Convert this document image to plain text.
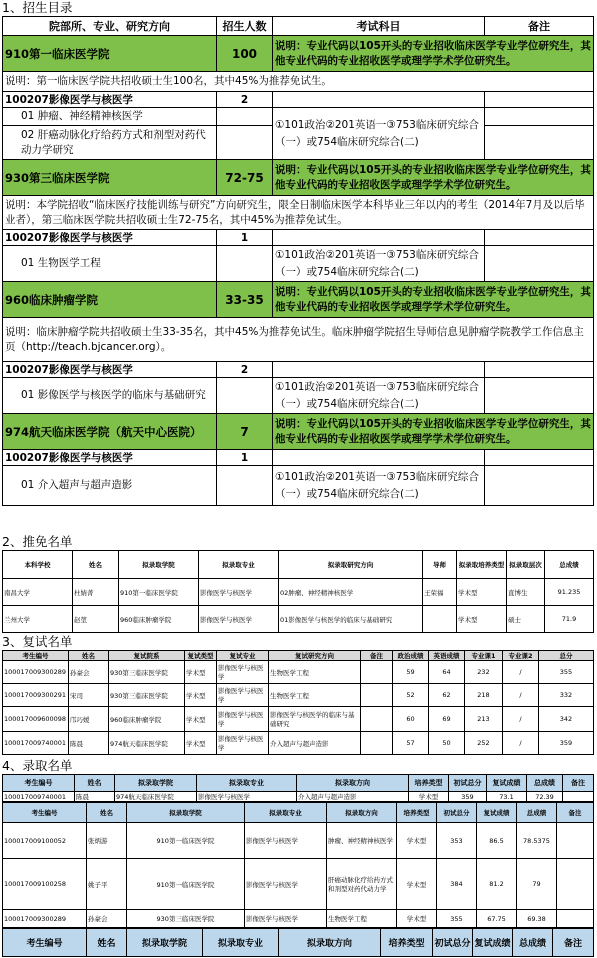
1、招生目录
院部所、专业、研究方向	招生人数	考试科目	备注
910第一临床医学院	100	说明：专业代码以105开头的专业招收临床医学专业学位研究生，其他专业代码的专业招收医学或理学学术学位研究生。	
说明：第一临床医学院共招收硕士生100名，其中45%为推荐免试生。			
100207影像医学与核医学	2		
01 肿瘤、神经精神核医学		①101政治②201英语一③753临床研究综合（一）或754临床研究综合(二)	
02 肝癌动脉化疗给药方式和剂型对药代动力学研究			
930第三临床医学院	72-75	说明：专业代码以105开头的专业招收临床医学专业学位研究生，其他专业代码的专业招收医学或理学学术学位研究生。	
说明：本学院招收“临床医疗技能训练与研究”方向研究生，限全日制临床医学本科毕业三年以内的考生（2014年7月及以后毕业者），第三临床医学院共招收硕士生72-75名，其中45%为推荐免试生。			
100207影像医学与核医学	1		
01 生物医学工程		①101政治②201英语一③753临床研究综合（一）或754临床研究综合(二)	
960临床肿瘤学院	33-35	说明：专业代码以105开头的专业招收临床医学专业学位研究生，其他专业代码的专业招收医学或理学学术学位研究生。	
说明：临床肿瘤学院共招收硕士生33-35名，其中45%为推荐免试生。临床肿瘤学院招生导师信息见肿瘤学院教学工作信息主页（http://teach.bjcancer.org）。			
100207影像医学与核医学	2		
01 影像医学与核医学的临床与基础研究		①101政治②201英语一③753临床研究综合（一）或754临床研究综合(二)	
974航天临床医学院（航天中心医院）	7	说明：专业代码以105开头的专业招收临床医学专业学位研究生，其他专业代码的专业招收医学或理学学术学位研究生。	
100207影像医学与核医学	1		
01 介入超声与超声造影		①101政治②201英语一③753临床研究综合（一）或754临床研究综合(二)	
2、推免名单
本科学校	姓名	拟录取学院	拟录取专业	拟录取研究方向	导师	拟录取培养类型	拟录取层次	总成绩
南昌大学	杜婧菁	910第一临床医学院	影像医学与核医学	02肿瘤、神经精神核医学	王荣福	学术型	直博生	91.235
兰州大学	赵堃	960临床肿瘤学院	影像医学与核医学	01影像医学与核医学的临床与基础研究		学术型	硕士	71.9
3、复试名单
考生编号	姓名	复试院系	复试类型	复试专业	复试研究方向	备注	政治成绩	英语成绩	专业课1	专业课2	总分
100017009300289	孙豪会	930第三临床医学院	学术型	影像医学与核医学	生物医学工程		59	64	232	/	355
100017009300291	宋司	930第三临床医学院	学术型	影像医学与核医学	生物医学工程		52	62	218	/	332
100017009600098	邝巧嫒	960临床肿瘤学院	学术型	影像医学与核医学	影像医学与核医学的临床与基础研究		60	69	213	/	342
100017009740001	陈晨	974航天临床医学院	学术型	影像医学与核医学	介入超声与超声造影		57	50	252	/	359
4、录取名单
考生编号	姓名	拟录取学院	拟录取专业	拟录取方向	培养类型	初试总分	复试成绩	总成绩	备注
100017009740001	陈晨	974航天临床医学院	影像医学与核医学	介入超声与超声造影	学术型	359	73.1	72.39	
考生编号	姓名	拟录取学院	拟录取专业	拟录取方向	培养类型	初试总分	复试成绩	总成绩	备注
100017009100052	张炳游	910第一临床医学院	影像医学与核医学	肿瘤、神经精神核医学	学术型	353	86.5	78.5375	
100017009100258	姚子平	910第一临床医学院	影像医学与核医学	肝癌动脉化疗给药方式和剂型对药代动力学	学术型	384	81.2	79	
100017009300289	孙豪会	930第三临床医学院	影像医学与核医学	生物医学工程	学术型	355	67.75	69.38	
考生编号	姓名	拟录取学院	拟录取专业	拟录取方向	培养类型	初试总分	复试成绩	总成绩	备注
